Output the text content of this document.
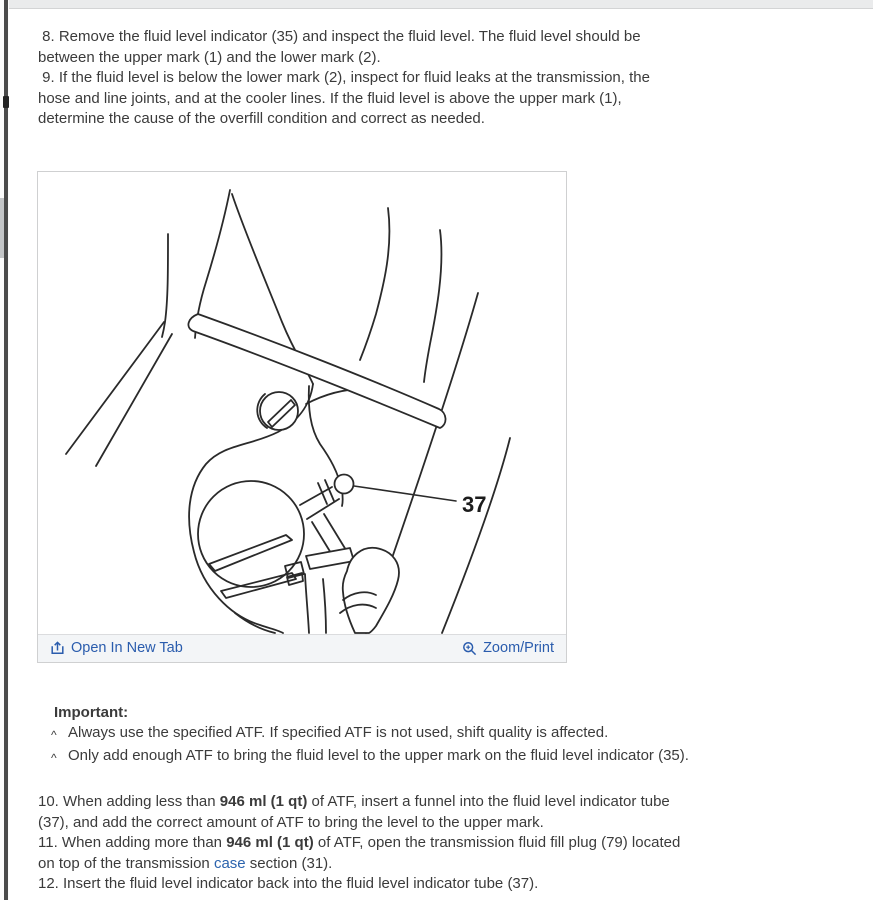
8. Remove the fluid level indicator (35) and inspect the fluid level. The fluid level should be between the upper mark (1) and the lower mark (2).

9. If the fluid level is below the lower mark (2), inspect for fluid leaks at the transmission, the hose and line joints, and at the cooler lines. If the fluid level is above the upper mark (1), determine the cause of the overfill condition and correct as needed.

37
Open In New Tab	Zoom/Print
Important:
^ Always use the specified ATF. If specified ATF is not used, shift quality is affected.
^ Only add enough ATF to bring the fluid level to the upper mark on the fluid level indicator (35).

10. When adding less than 946 ml (1 qt) of ATF, insert a funnel into the fluid level indicator tube (37), and add the correct amount of ATF to bring the level to the upper mark.

11. When adding more than 946 ml (1 qt) of ATF, open the transmission fluid fill plug (79) located on top of the transmission case section (31).

12. Insert the fluid level indicator back into the fluid level indicator tube (37).
